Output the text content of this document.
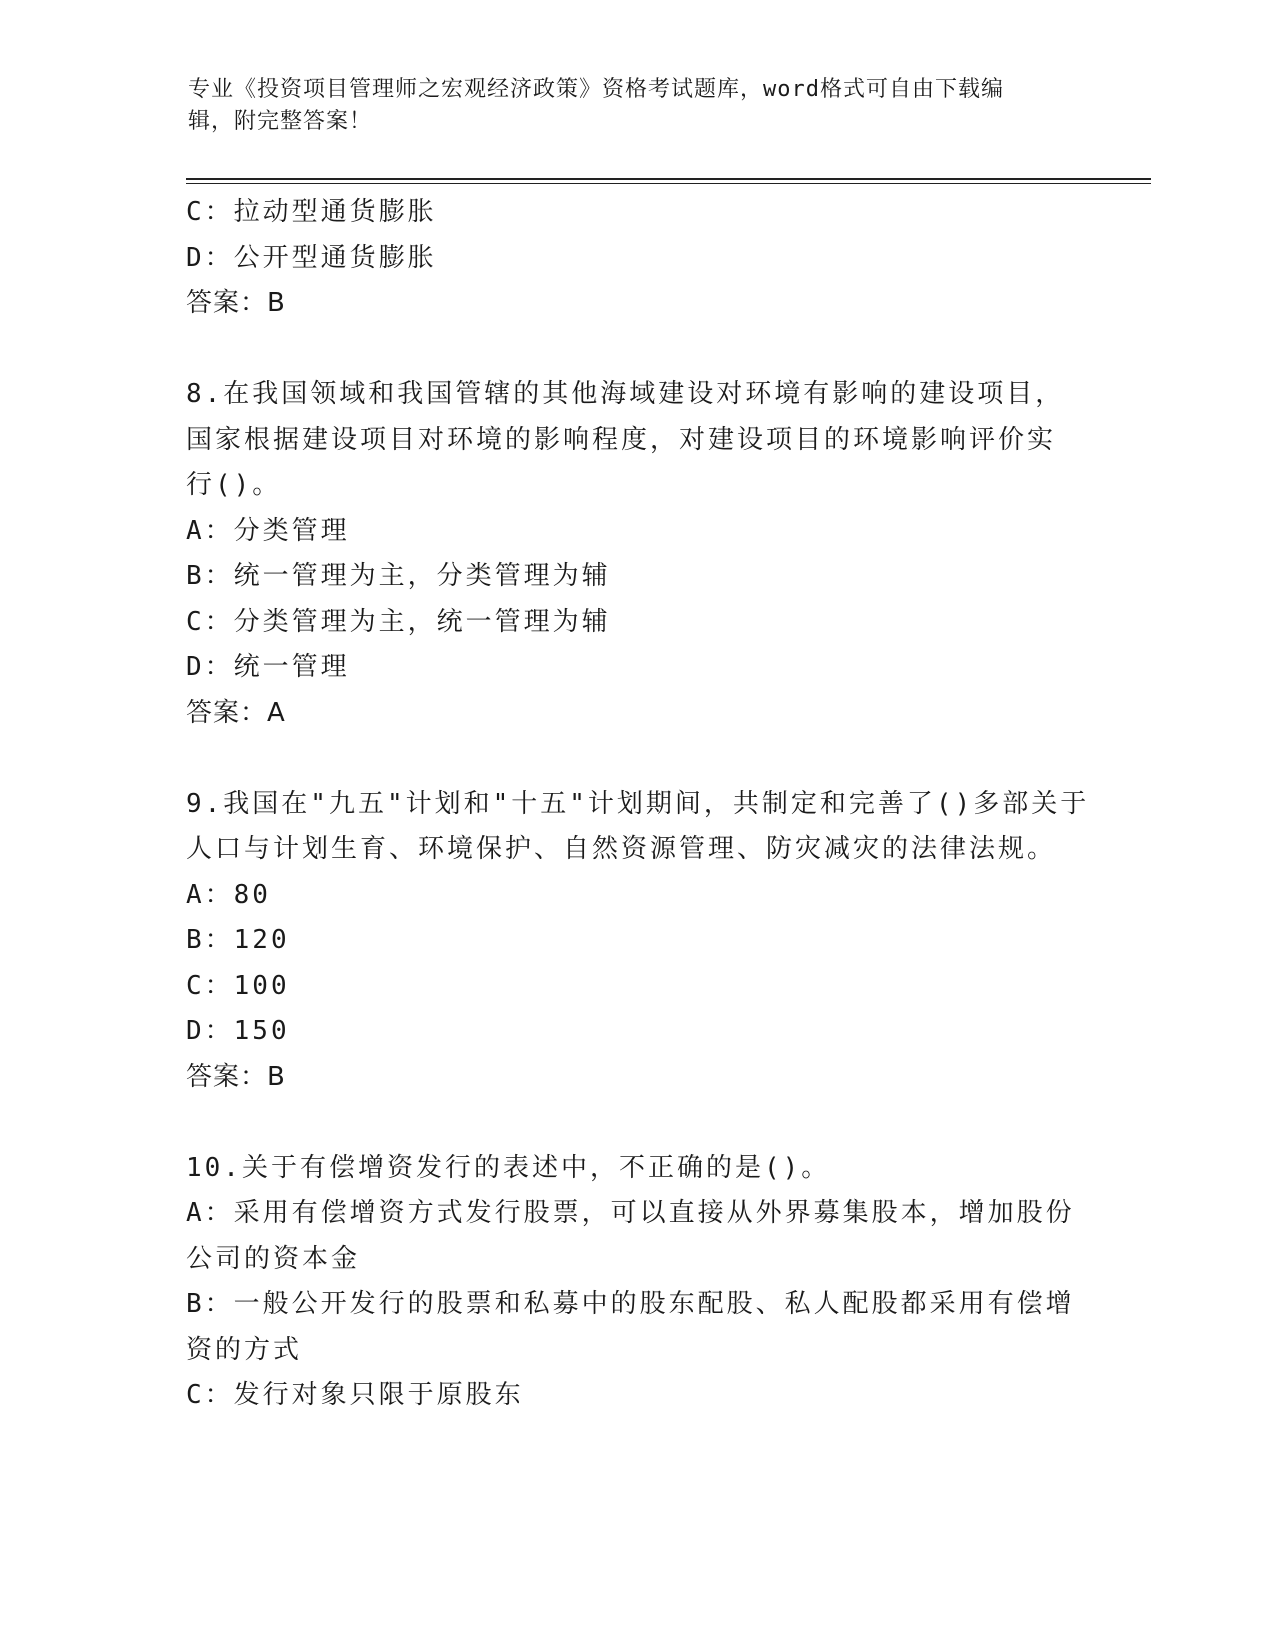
专业《投资项目管理师之宏观经济政策》资格考试题库，word格式可自由下载编
辑，附完整答案！
C：拉动型通货膨胀
D：公开型通货膨胀
答案：B
8.在我国领域和我国管辖的其他海域建设对环境有影响的建设项目，
国家根据建设项目对环境的影响程度，对建设项目的环境影响评价实
行()。
A：分类管理
B：统一管理为主，分类管理为辅
C：分类管理为主，统一管理为辅
D：统一管理
答案：A
9.我国在"九五"计划和"十五"计划期间，共制定和完善了()多部关于
人口与计划生育、环境保护、自然资源管理、防灾减灾的法律法规。
A：80
B：120
C：100
D：150
答案：B
10.关于有偿增资发行的表述中，不正确的是()。
A：采用有偿增资方式发行股票，可以直接从外界募集股本，增加股份
公司的资本金
B：一般公开发行的股票和私募中的股东配股、私人配股都采用有偿增
资的方式
C：发行对象只限于原股东
